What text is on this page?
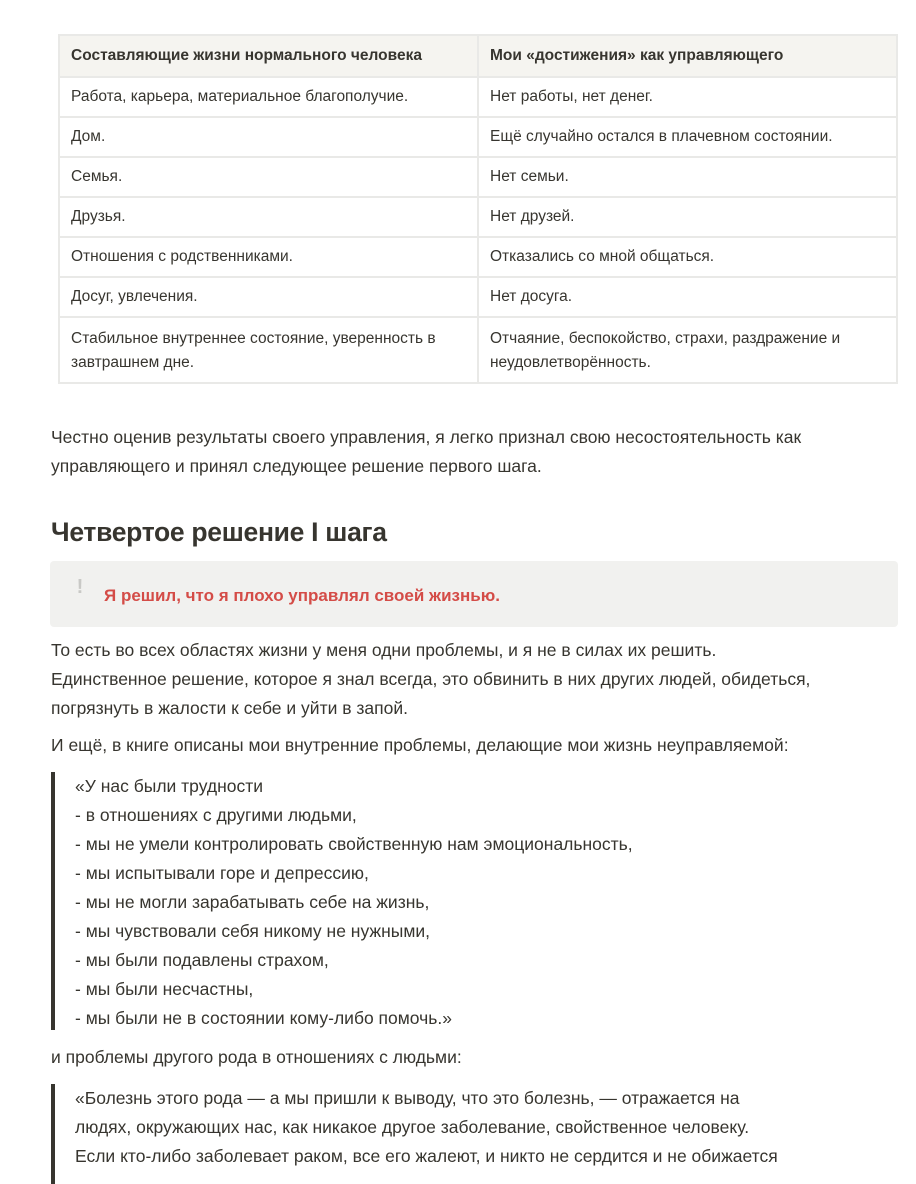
Составляющие жизни нормального человека	Мои «достижения» как управляющего
Работа, карьера, материальное благополучие.	Нет работы, нет денег.
Дом.	Ещё случайно остался в плачевном состоянии.
Семья.	Нет семьи.
Друзья.	Нет друзей.
Отношения с родственниками.	Отказались со мной общаться.
Досуг, увлечения.	Нет досуга.
Стабильное внутреннее состояние, уверенность в завтрашнем дне.	Отчаяние, беспокойство, страхи, раздражение и неудовлетворённость.

Честно оценив результаты своего управления, я легко признал свою несостоятельность как управляющего и принял следующее решение первого шага.

Четвертое решение I шага
!	Я решил, что я плохо управлял своей жизнью.

То есть во всех областях жизни у меня одни проблемы, и я не в силах их решить. Единственное решение, которое я знал всегда, это обвинить в них других людей, обидеться, погрязнуть в жалости к себе и уйти в запой.

И ещё, в книге описаны мои внутренние проблемы, делающие мои жизнь неуправляемой:

«У нас были трудности
- в отношениях с другими людьми,
- мы не умели контролировать свойственную нам эмоциональность,
- мы испытывали горе и депрессию,
- мы не могли зарабатывать себе на жизнь,
- мы чувствовали себя никому не нужными,
- мы были подавлены страхом,
- мы были несчастны,
- мы были не в состоянии кому-либо помочь.»

и проблемы другого рода в отношениях с людьми:

«Болезнь этого рода — а мы пришли к выводу, что это болезнь, — отражается на
людях, окружающих нас, как никакое другое заболевание, свойственное человеку.
Если кто-либо заболевает раком, все его жалеют, и никто не сердится и не обижается
